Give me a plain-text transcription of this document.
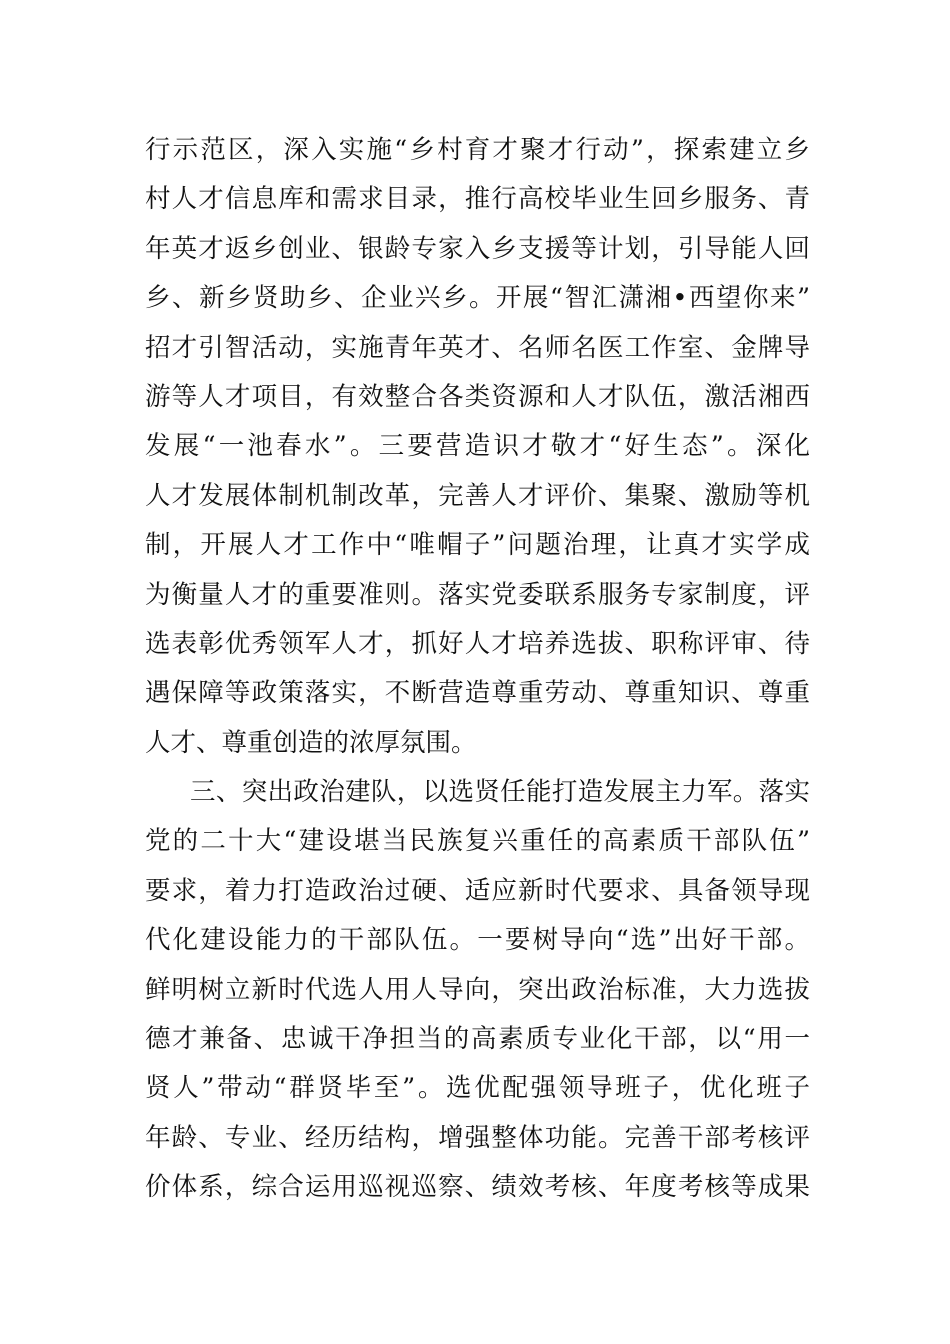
行示范区，深入实施“乡村育才聚才行动”，探索建立乡
村人才信息库和需求目录，推行高校毕业生回乡服务、青
年英才返乡创业、银龄专家入乡支援等计划，引导能人回
乡、新乡贤助乡、企业兴乡。开展“智汇潇湘•西望你来”
招才引智活动，实施青年英才、名师名医工作室、金牌导
游等人才项目，有效整合各类资源和人才队伍，激活湘西
发展“一池春水”。三要营造识才敬才“好生态”。深化
人才发展体制机制改革，完善人才评价、集聚、激励等机
制，开展人才工作中“唯帽子”问题治理，让真才实学成
为衡量人才的重要准则。落实党委联系服务专家制度，评
选表彰优秀领军人才，抓好人才培养选拔、职称评审、待
遇保障等政策落实，不断营造尊重劳动、尊重知识、尊重
人才、尊重创造的浓厚氛围。
三、突出政治建队，以选贤任能打造发展主力军。落实
党的二十大“建设堪当民族复兴重任的高素质干部队伍”
要求，着力打造政治过硬、适应新时代要求、具备领导现
代化建设能力的干部队伍。一要树导向“选”出好干部。
鲜明树立新时代选人用人导向，突出政治标准，大力选拔
德才兼备、忠诚干净担当的高素质专业化干部，以“用一
贤人”带动“群贤毕至”。选优配强领导班子，优化班子
年龄、专业、经历结构，增强整体功能。完善干部考核评
价体系，综合运用巡视巡察、绩效考核、年度考核等成果
